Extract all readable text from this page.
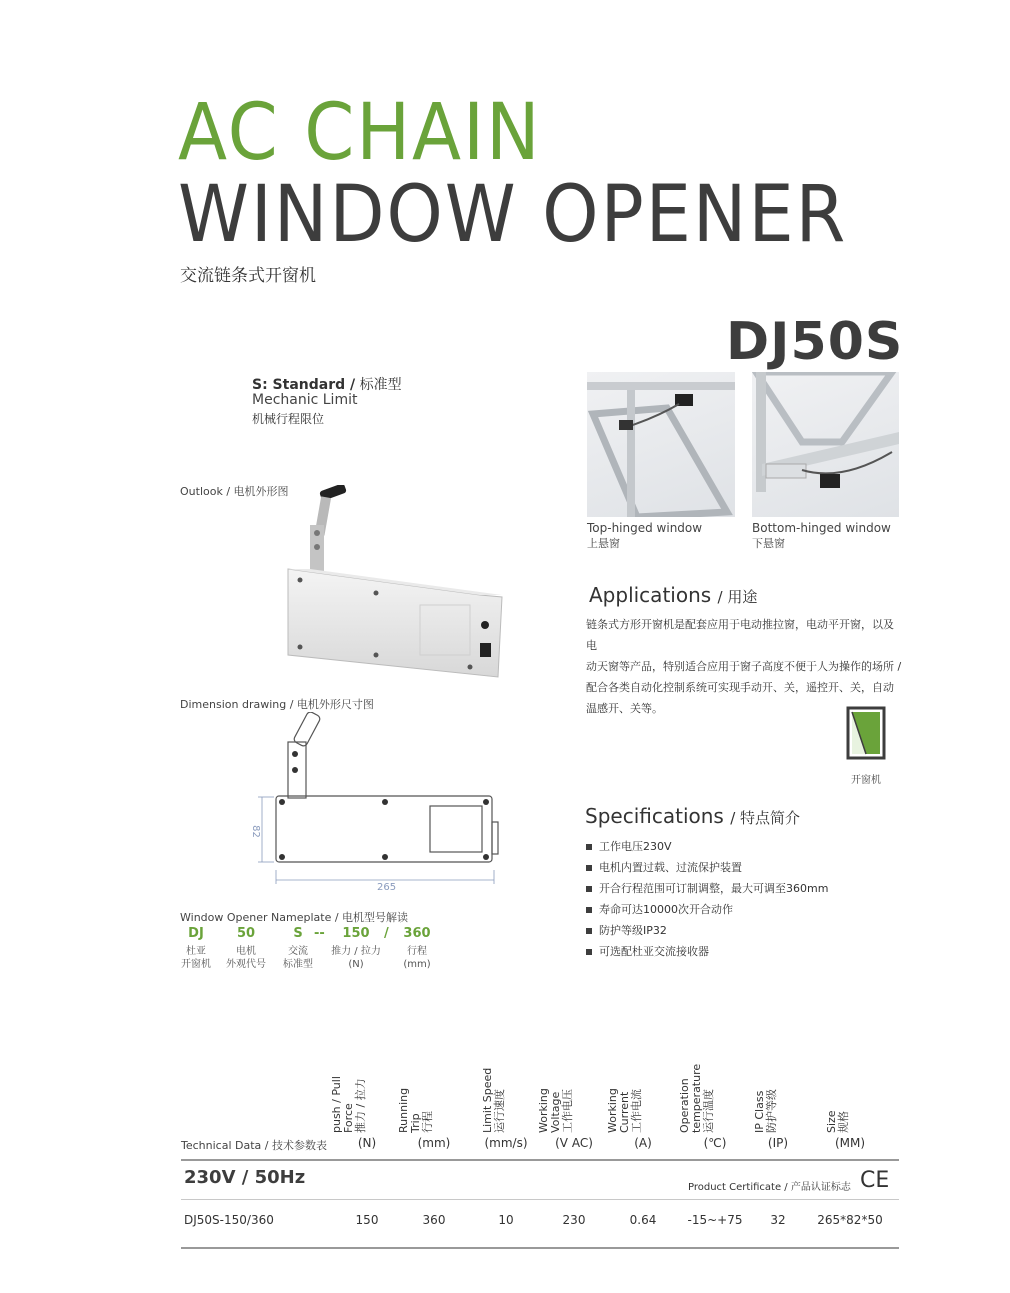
AC CHAIN
WINDOW OPENER
交流链条式开窗机
DJ50S
S: Standard / 标准型
Mechanic Limit
机械行程限位
Outlook / 电机外形图
Dimension drawing / 电机外形尺寸图
82
265
Window Opener Nameplate / 电机型号解读
DJ
杜亚
开窗机
50
电机
外观代号
S
交流
标准型
--	150
推力 / 拉力
(N)
/	360
行程
(mm)
Top-hinged window
上悬窗
Bottom-hinged window
下悬窗
Applications / 用途
链条式方形开窗机是配套应用于电动推拉窗，电动平开窗，以及电
动天窗等产品，特别适合应用于窗子高度不便于人为操作的场所 /
配合各类自动化控制系统可实现手动开、关，遥控开、关，自动
温感开、关等。
开窗机
Specifications / 特点简介
工作电压230V
电机内置过载、过流保护装置
开合行程范围可订制调整，最大可调至360mm
寿命可达10000次开合动作
防护等级IP32
可选配杜亚交流接收器
Technical Data / 技术参数表
push / Pull Force 推力 / 拉力
(N)
Running Trip 行程
(mm)
Limit Speed 运行速度
(mm/s)
Working Voltage 工作电压
(V AC)
Working Current 工作电流
(A)
Operation temperature 运行温度
(℃)
IP Class 防护等级
(IP)
Size 规格
(MM)
230V / 50Hz	Product Certificate / 产品认证标志 CE
DJ50S-150/360	150	360	10	230	0.64	-15~+75	32	265*82*50
